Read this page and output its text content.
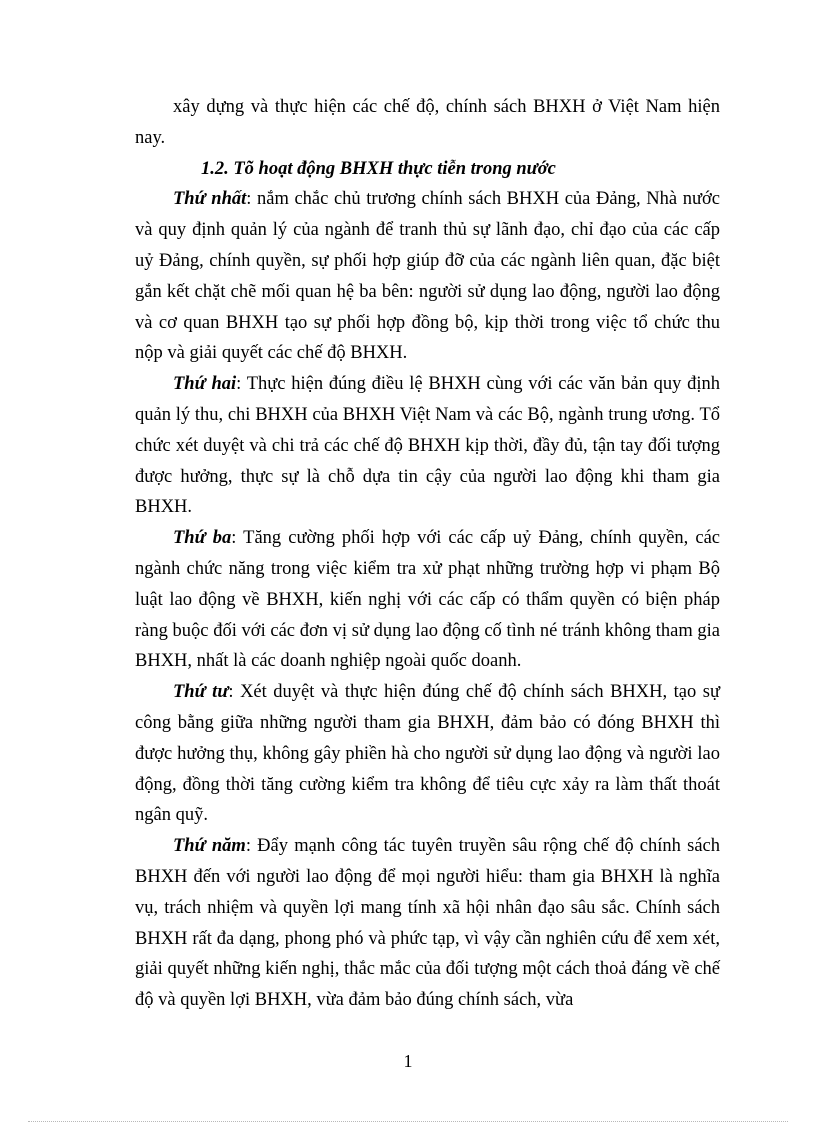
xây dựng và thực hiện các chế độ, chính sách BHXH ở Việt Nam hiện nay.

1.2. Tõ hoạt động BHXH thực tiễn trong nước

Thứ nhất: nắm chắc chủ trương chính sách BHXH của Đảng, Nhà nước và quy định quản lý của ngành để tranh thủ sự lãnh đạo, chỉ đạo của các cấp uỷ Đảng, chính quyền, sự phối hợp giúp đỡ của các ngành liên quan, đặc biệt gắn kết chặt chẽ mối quan hệ ba bên: người sử dụng lao động, người lao động và cơ quan BHXH tạo sự phối hợp đồng bộ, kịp thời trong việc tổ chức thu nộp và giải quyết các chế độ BHXH.

Thứ hai: Thực hiện đúng điều lệ BHXH cùng với các văn bản quy định quản lý thu, chi BHXH của BHXH Việt Nam và các Bộ, ngành trung ương. Tổ chức xét duyệt và chi trả các chế độ BHXH kịp thời, đầy đủ, tận tay đối tượng được hưởng, thực sự là chỗ dựa tin cậy của người lao động khi tham gia BHXH.

Thứ ba: Tăng cường phối hợp với các cấp uỷ Đảng, chính quyền, các ngành chức năng trong việc kiểm tra xử phạt những trường hợp vi phạm Bộ luật lao động về BHXH, kiến nghị với các cấp có thẩm quyền có biện pháp ràng buộc đối với các đơn vị sử dụng lao động cố tình né tránh không tham gia BHXH, nhất là các doanh nghiệp ngoài quốc doanh.

Thứ tư: Xét duyệt và thực hiện đúng chế độ chính sách BHXH, tạo sự công bằng giữa những người tham gia BHXH, đảm bảo có đóng BHXH thì được hưởng thụ, không gây phiền hà cho người sử dụng lao động và người lao động, đồng thời tăng cường kiểm tra không để tiêu cực xảy ra làm thất thoát ngân quỹ.

Thứ năm: Đẩy mạnh công tác tuyên truyền sâu rộng chế độ chính sách BHXH đến với người lao động để mọi người hiểu: tham gia BHXH là nghĩa vụ, trách nhiệm và quyền lợi mang tính xã hội nhân đạo sâu sắc. Chính sách BHXH rất đa dạng, phong phó và phức tạp, vì vậy cần nghiên cứu để xem xét, giải quyết những kiến nghị, thắc mắc của đối tượng một cách thoả đáng về chế độ và quyền lợi BHXH, vừa đảm bảo đúng chính sách, vừa

1
